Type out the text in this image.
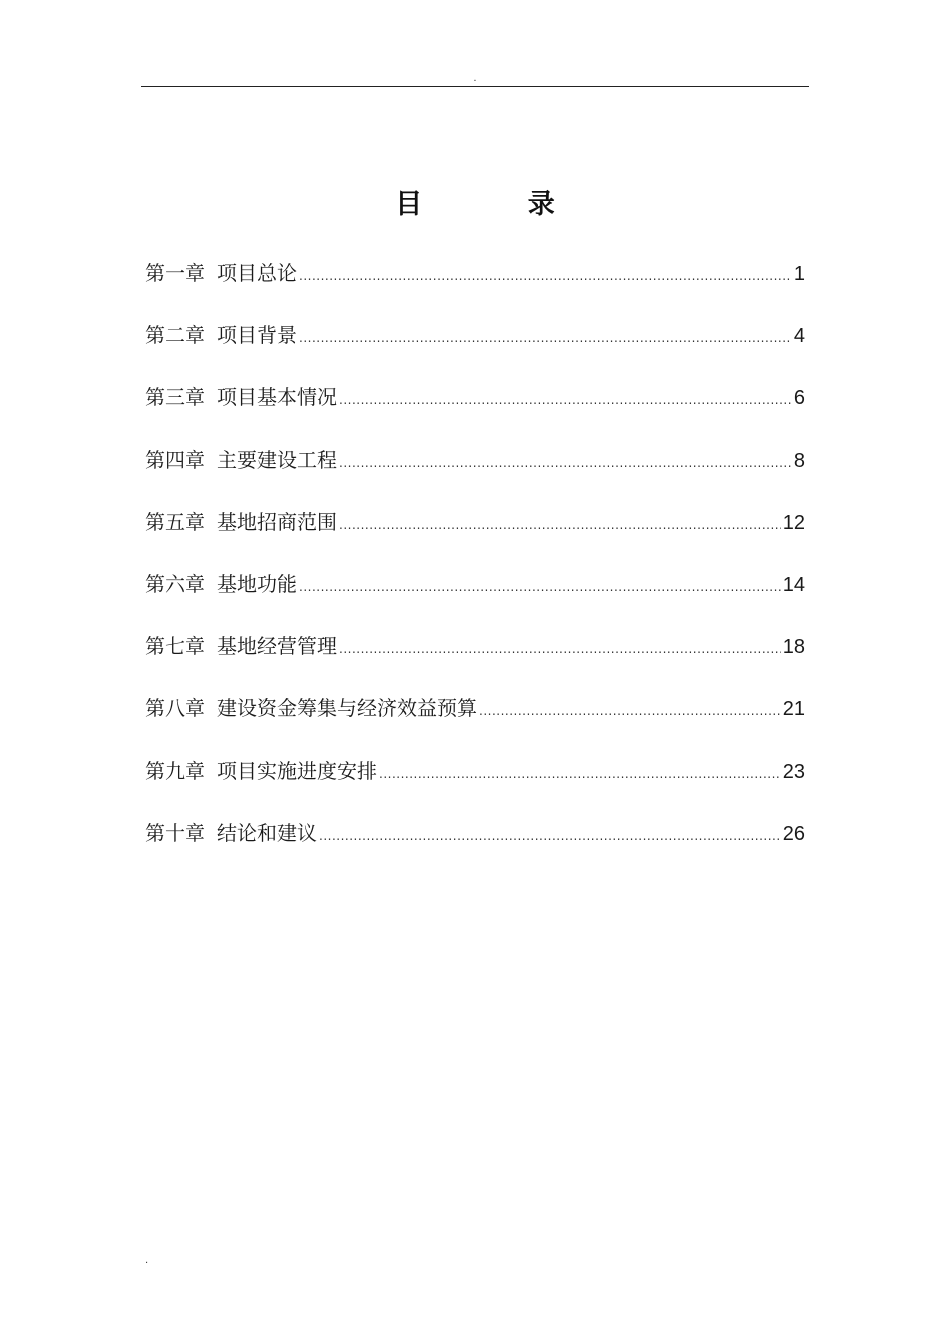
.
目 录
第一章 项目总论 .....	1
第二章 项目背景 .....	4
第三章 项目基本情况 .....	6
第四章 主要建设工程 .....	8
第五章 基地招商范围 .....	12
第六章 基地功能 .....	14
第七章 基地经营管理 .....	18
第八章 建设资金筹集与经济效益预算 .....	21
第九章 项目实施进度安排 .....	23
第十章 结论和建议 .....	26
.
